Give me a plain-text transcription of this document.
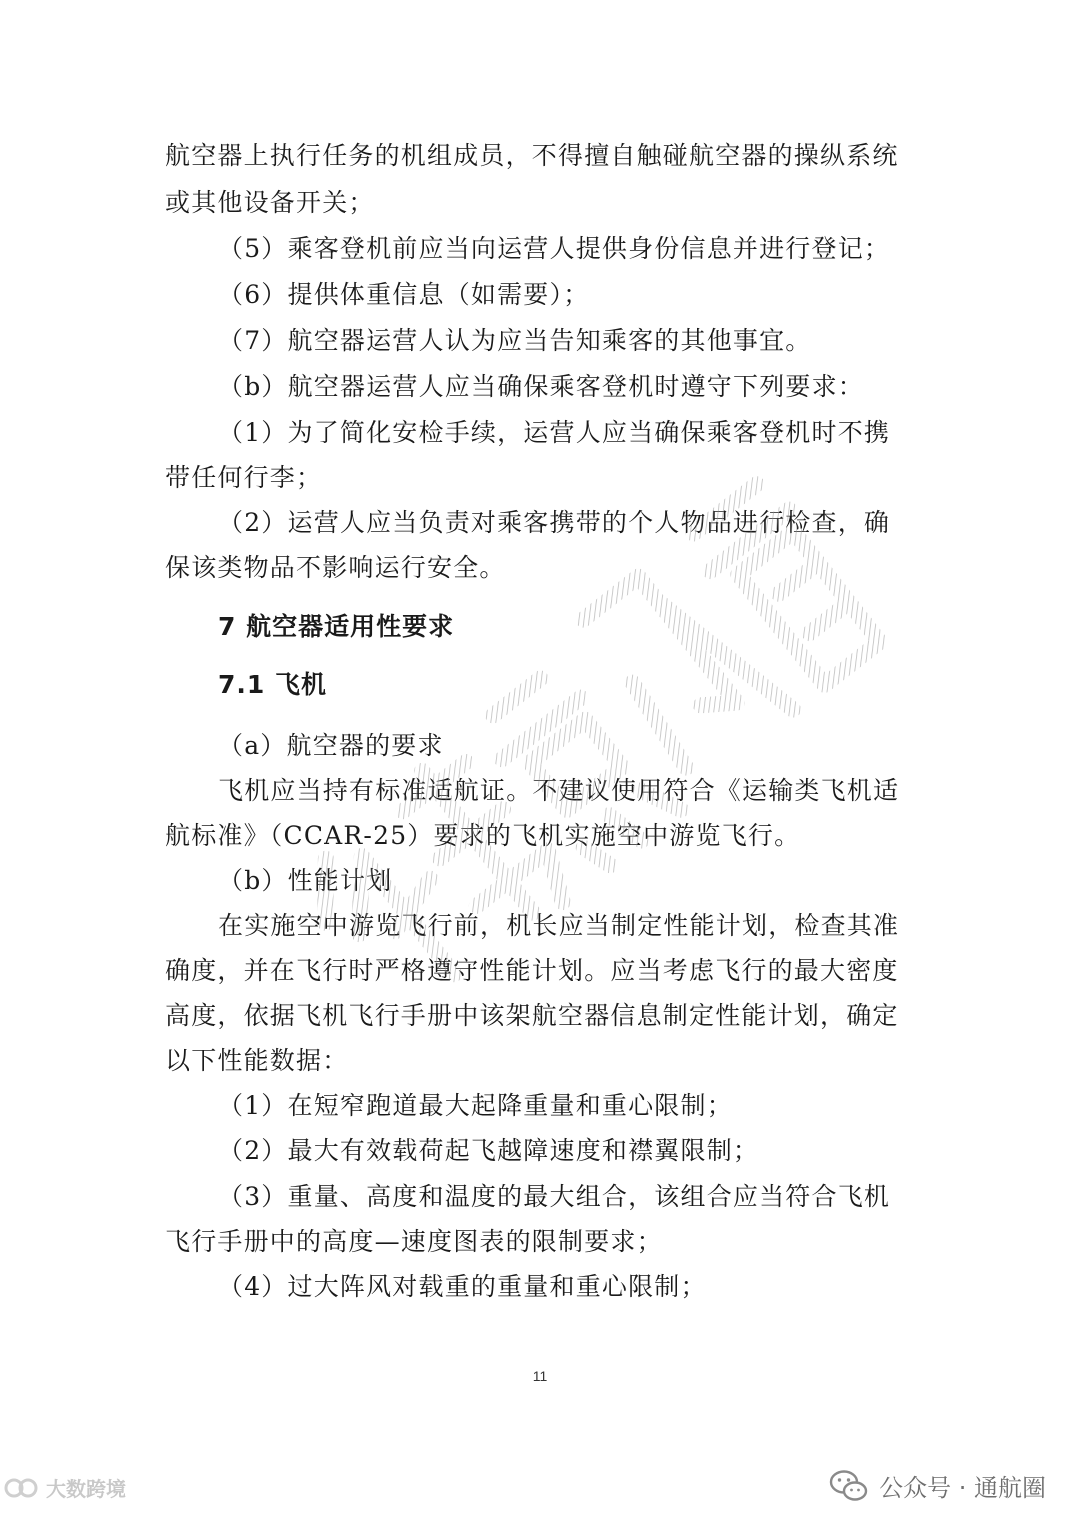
航空器上执行任务的机组成员，不得擅自触碰航空器的操纵系统
或其他设备开关；
（5）乘客登机前应当向运营人提供身份信息并进行登记；
（6）提供体重信息（如需要）；
（7）航空器运营人认为应当告知乘客的其他事宜。
（b）航空器运营人应当确保乘客登机时遵守下列要求：
（1）为了简化安检手续，运营人应当确保乘客登机时不携
带任何行李；
（2）运营人应当负责对乘客携带的个人物品进行检查，确
保该类物品不影响运行安全。
7 航空器适用性要求
7.1 飞机
（a）航空器的要求
飞机应当持有标准适航证。不建议使用符合《运输类飞机适
航标准》（CCAR-25）要求的飞机实施空中游览飞行。
（b）性能计划
在实施空中游览飞行前，机长应当制定性能计划，检查其准
确度，并在飞行时严格遵守性能计划。应当考虑飞行的最大密度
高度，依据飞机飞行手册中该架航空器信息制定性能计划，确定
以下性能数据：
（1）在短窄跑道最大起降重量和重心限制；
（2）最大有效载荷起飞越障速度和襟翼限制；
（3）重量、高度和温度的最大组合，该组合应当符合飞机
飞行手册中的高度—速度图表的限制要求；
（4）过大阵风对载重的重量和重心限制；
11
大数跨境	公众号 · 通航圈
